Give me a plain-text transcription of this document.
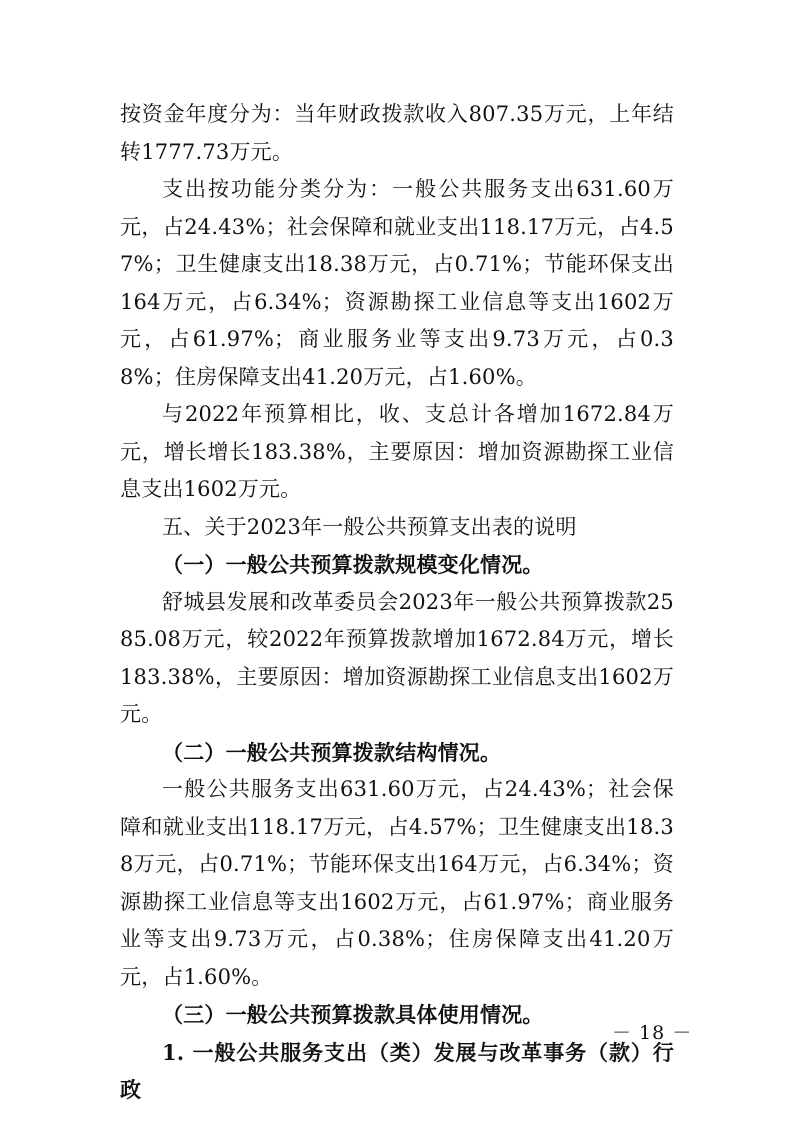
按资金年度分为：当年财政拨款收入807.35万元，上年结转1777.73万元。

支出按功能分类分为：一般公共服务支出631.60万元，占24.43%；社会保障和就业支出118.17万元，占4.57%；卫生健康支出18.38万元，占0.71%；节能环保支出164万元，占6.34%；资源勘探工业信息等支出1602万元，占61.97%；商业服务业等支出9.73万元，占0.38%；住房保障支出41.20万元，占1.60%。

与2022年预算相比，收、支总计各增加1672.84万元，增长增长183.38%，主要原因：增加资源勘探工业信息支出1602万元。

五、关于2023年一般公共预算支出表的说明

（一）一般公共预算拨款规模变化情况。

舒城县发展和改革委员会2023年一般公共预算拨款2585.08万元，较2022年预算拨款增加1672.84万元，增长183.38%，主要原因：增加资源勘探工业信息支出1602万元。

（二）一般公共预算拨款结构情况。

一般公共服务支出631.60万元，占24.43%；社会保障和就业支出118.17万元，占4.57%；卫生健康支出18.38万元，占0.71%；节能环保支出164万元，占6.34%；资源勘探工业信息等支出1602万元，占61.97%；商业服务业等支出9.73万元，占0.38%；住房保障支出41.20万元，占1.60%。

（三）一般公共预算拨款具体使用情况。

1. 一般公共服务支出（类）发展与改革事务（款）行政

－ 18 －
